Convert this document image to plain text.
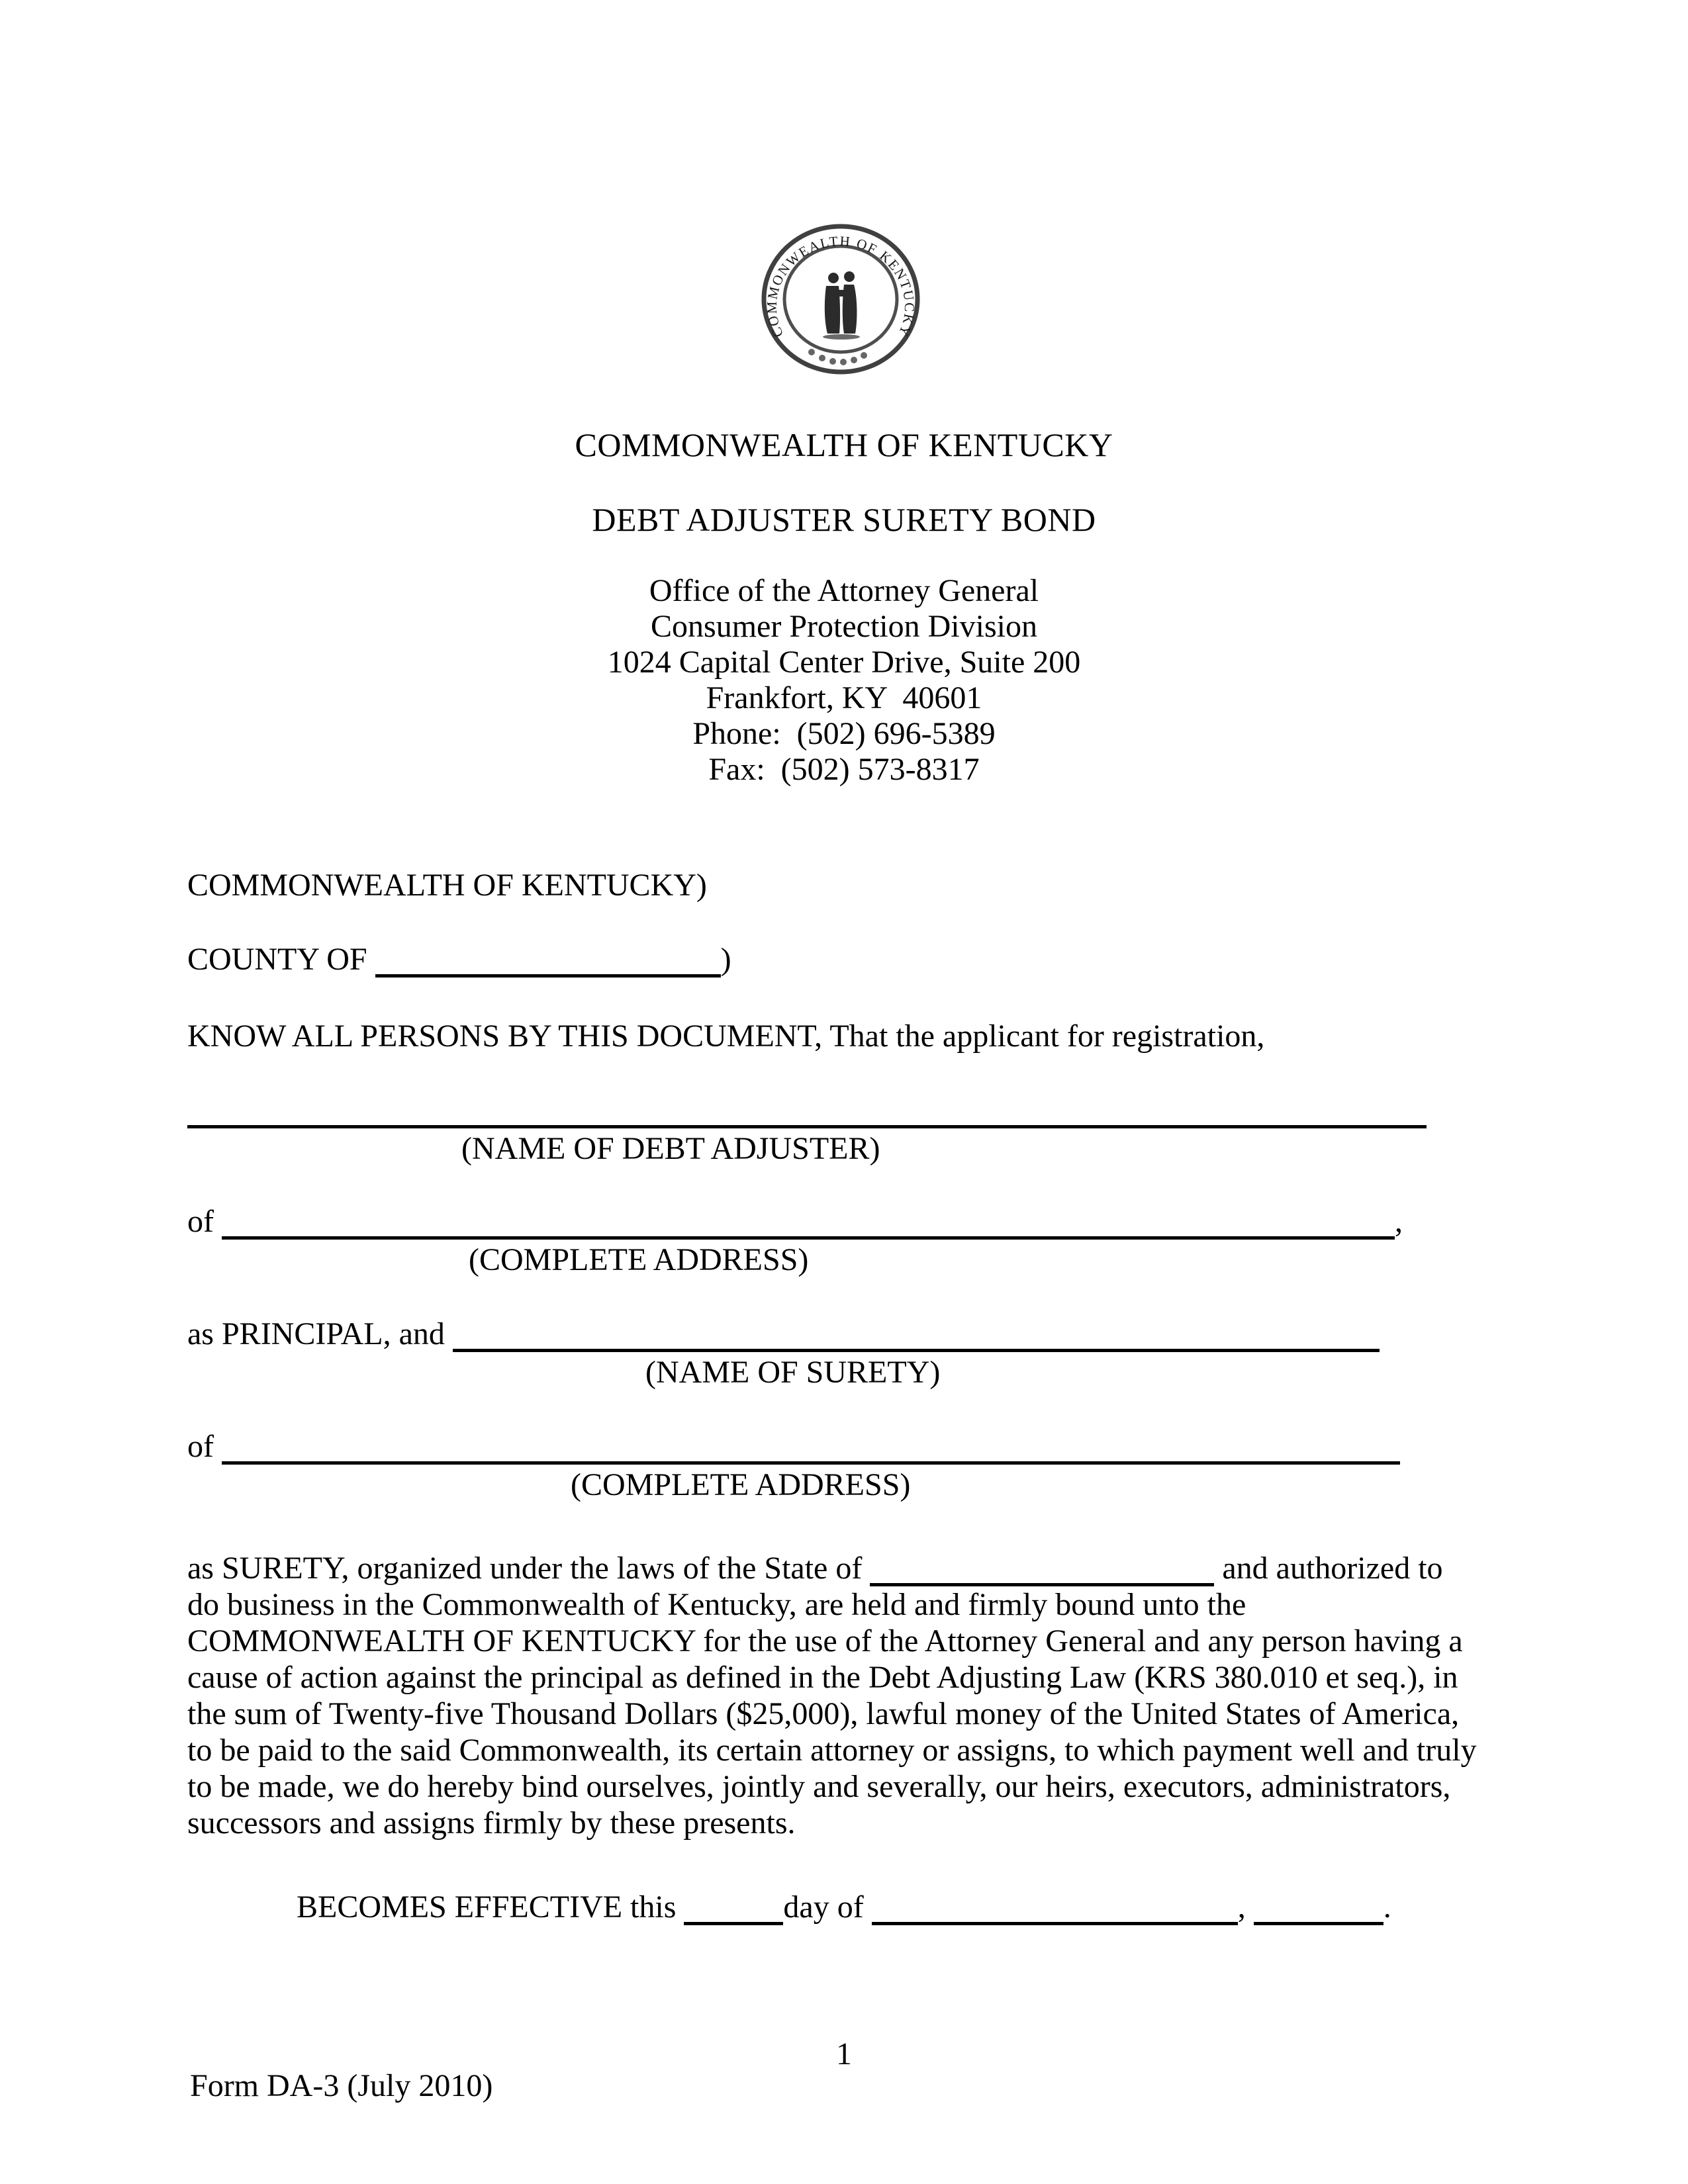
COMMONWEALTH OF KENTUCKY
COMMONWEALTH OF KENTUCKY
DEBT ADJUSTER SURETY BOND
Office of the Attorney General
Consumer Protection Division
1024 Capital Center Drive, Suite 200
Frankfort, KY  40601
Phone:  (502) 696-5389
Fax:  (502) 573-8317
COMMONWEALTH OF KENTUCKY)
COUNTY OF	)
KNOW ALL PERSONS BY THIS DOCUMENT, That the applicant for registration,
(NAME OF DEBT ADJUSTER)
of	,
(COMPLETE ADDRESS)
as PRINCIPAL, and
(NAME OF SURETY)
of
(COMPLETE ADDRESS)
as SURETY, organized under the laws of the State of	and authorized to do business in the Commonwealth of Kentucky, are held and firmly bound unto the COMMONWEALTH OF KENTUCKY for the use of the Attorney General and any person having a cause of action against the principal as defined in the Debt Adjusting Law (KRS 380.010 et seq.), in the sum of Twenty-five Thousand Dollars ($25,000), lawful money of the United States of America, to be paid to the said Commonwealth, its certain attorney or assigns, to which payment well and truly to be made, we do hereby bind ourselves, jointly and severally, our heirs, executors, administrators, successors and assigns firmly by these presents.
BECOMES EFFECTIVE this	day of	,	.
1
Form DA-3 (July 2010)
